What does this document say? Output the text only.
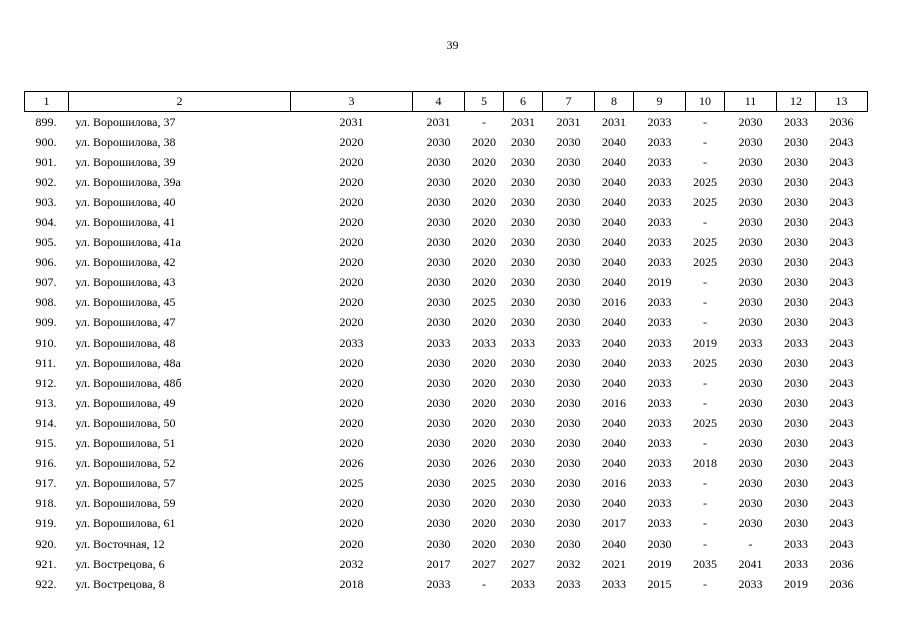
39
1	2	3	4	5	6	7	8	9	10	11	12	13
899.	ул. Ворошилова, 37	2031	2031	-	2031	2031	2031	2033	-	2030	2033	2036
900.	ул. Ворошилова, 38	2020	2030	2020	2030	2030	2040	2033	-	2030	2030	2043
901.	ул. Ворошилова, 39	2020	2030	2020	2030	2030	2040	2033	-	2030	2030	2043
902.	ул. Ворошилова, 39а	2020	2030	2020	2030	2030	2040	2033	2025	2030	2030	2043
903.	ул. Ворошилова, 40	2020	2030	2020	2030	2030	2040	2033	2025	2030	2030	2043
904.	ул. Ворошилова, 41	2020	2030	2020	2030	2030	2040	2033	-	2030	2030	2043
905.	ул. Ворошилова, 41а	2020	2030	2020	2030	2030	2040	2033	2025	2030	2030	2043
906.	ул. Ворошилова, 42	2020	2030	2020	2030	2030	2040	2033	2025	2030	2030	2043
907.	ул. Ворошилова, 43	2020	2030	2020	2030	2030	2040	2019	-	2030	2030	2043
908.	ул. Ворошилова, 45	2020	2030	2025	2030	2030	2016	2033	-	2030	2030	2043
909.	ул. Ворошилова, 47	2020	2030	2020	2030	2030	2040	2033	-	2030	2030	2043
910.	ул. Ворошилова, 48	2033	2033	2033	2033	2033	2040	2033	2019	2033	2033	2043
911.	ул. Ворошилова, 48а	2020	2030	2020	2030	2030	2040	2033	2025	2030	2030	2043
912.	ул. Ворошилова, 48б	2020	2030	2020	2030	2030	2040	2033	-	2030	2030	2043
913.	ул. Ворошилова, 49	2020	2030	2020	2030	2030	2016	2033	-	2030	2030	2043
914.	ул. Ворошилова, 50	2020	2030	2020	2030	2030	2040	2033	2025	2030	2030	2043
915.	ул. Ворошилова, 51	2020	2030	2020	2030	2030	2040	2033	-	2030	2030	2043
916.	ул. Ворошилова, 52	2026	2030	2026	2030	2030	2040	2033	2018	2030	2030	2043
917.	ул. Ворошилова, 57	2025	2030	2025	2030	2030	2016	2033	-	2030	2030	2043
918.	ул. Ворошилова, 59	2020	2030	2020	2030	2030	2040	2033	-	2030	2030	2043
919.	ул. Ворошилова, 61	2020	2030	2020	2030	2030	2017	2033	-	2030	2030	2043
920.	ул. Восточная, 12	2020	2030	2020	2030	2030	2040	2030	-	-	2033	2043
921.	ул. Вострецова, 6	2032	2017	2027	2027	2032	2021	2019	2035	2041	2033	2036
922.	ул. Вострецова, 8	2018	2033	-	2033	2033	2033	2015	-	2033	2019	2036
